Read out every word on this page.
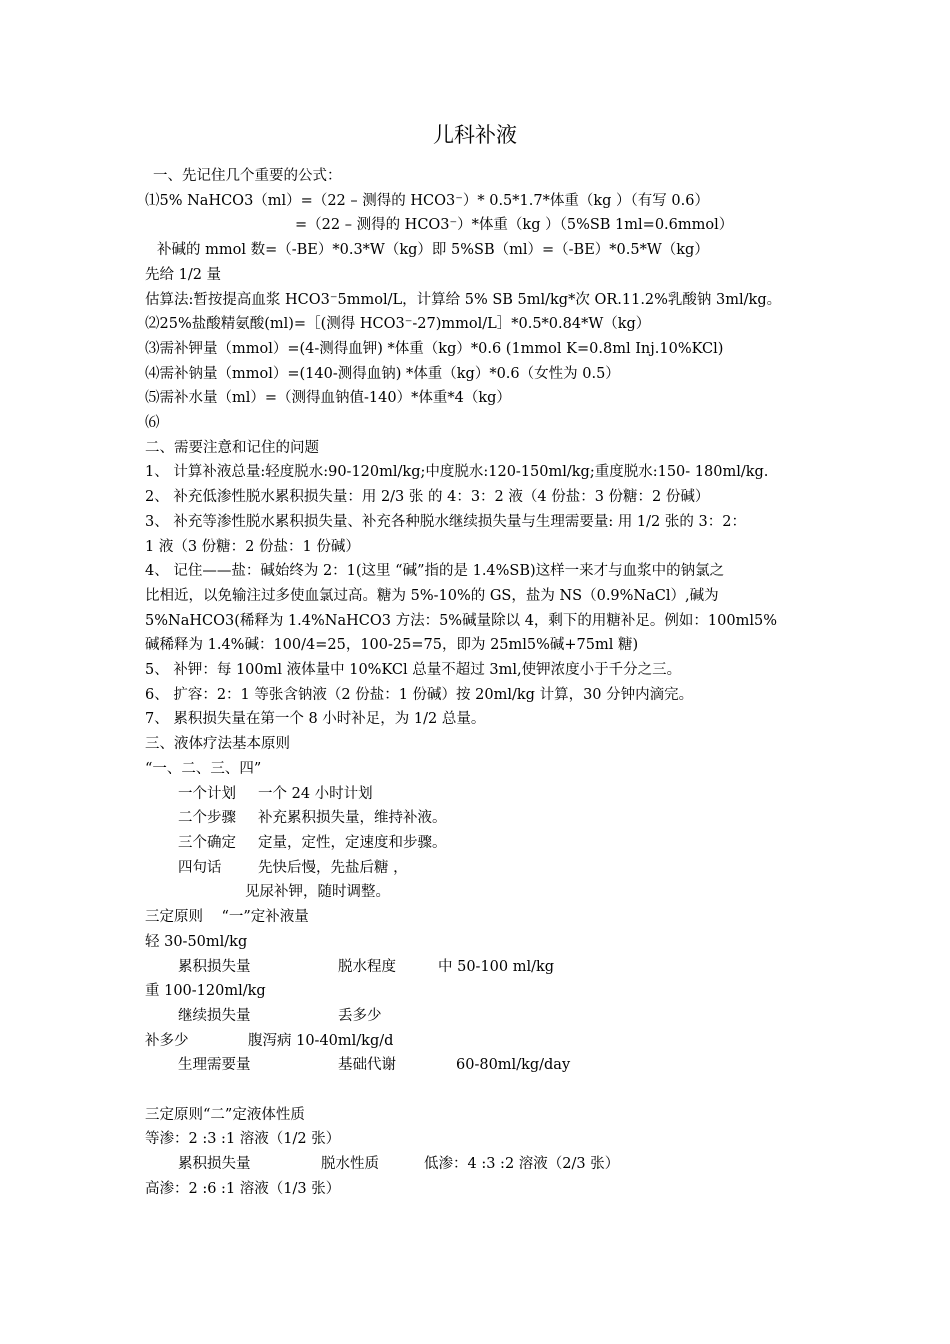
儿科补液
一、先记住几个重要的公式：
⑴5% NaHCO3（ml）=（22 – 测得的 HCO3⁻）* 0.5*1.7*体重（kg ）（有写 0.6）
=（22 – 测得的 HCO3⁻）*体重（kg ）（5%SB 1ml=0.6mmol）
补碱的 mmol 数=（-BE）*0.3*W（kg）即 5%SB（ml）=（-BE）*0.5*W（kg）
先给 1/2 量
估算法:暂按提高血浆 HCO3⁻5mmol/L，计算给 5% SB 5ml/kg*次 OR.11.2%乳酸钠 3ml/kg。
⑵25%盐酸精氨酸(ml)=［(测得 HCO3⁻-27)mmol/L］*0.5*0.84*W（kg）
⑶需补钾量（mmol）=(4-测得血钾) *体重（kg）*0.6 (1mmol K=0.8ml Inj.10%KCl)
⑷需补钠量（mmol）=(140-测得血钠) *体重（kg）*0.6（女性为 0.5）
⑸需补水量（ml）=（测得血钠值-140）*体重*4（kg）
⑹
二、需要注意和记住的问题
1、 计算补液总量:轻度脱水:90-120ml/kg;中度脱水:120-150ml/kg;重度脱水:150- 180ml/kg.
2、 补充低渗性脱水累积损失量：用 2/3 张 的 4：3：2 液（4 份盐：3 份糖：2 份碱）
3、 补充等渗性脱水累积损失量、补充各种脱水继续损失量与生理需要量: 用 1/2 张的 3：2：
1 液（3 份糖：2 份盐：1 份碱）
4、 记住——盐：碱始终为 2：1(这里 “碱”指的是 1.4%SB)这样一来才与血浆中的钠氯之
比相近，以免输注过多使血氯过高。糖为 5%-10%的 GS，盐为 NS（0.9%NaCl）,碱为
5%NaHCO3(稀释为 1.4%NaHCO3 方法：5%碱量除以 4，剩下的用糖补足。例如：100ml5%
碱稀释为 1.4%碱：100/4=25，100-25=75，即为 25ml5%碱+75ml 糖)
5、 补钾：每 100ml 液体量中 10%KCl 总量不超过 3ml,使钾浓度小于千分之三。
6、 扩容：2：1 等张含钠液（2 份盐：1 份碱）按 20ml/kg 计算，30 分钟内滴完。
7、 累积损失量在第一个 8 小时补足，为 1/2 总量。
三、液体疗法基本原则
“一、二、三、四”
一个计划 一个 24 小时计划
二个步骤 补充累积损失量，维持补液。
三个确定 定量，定性，定速度和步骤。
四句话	先快后慢，先盐后糖 ，
见尿补钾，随时调整。
三定原则 “一”定补液量
轻 30-50ml/kg
累积损失量	脱水程度	中 50-100 ml/kg
重 100-120ml/kg
继续损失量	丢多少
补多少	腹泻病 10-40ml/kg/d
生理需要量	基础代谢	60-80ml/kg/day
三定原则“二”定液体性质
等渗：2 :3 :1 溶液（1/2 张）
累积损失量	脱水性质	低渗：4 :3 :2 溶液（2/3 张）
高渗：2 :6 :1 溶液（1/3 张）
